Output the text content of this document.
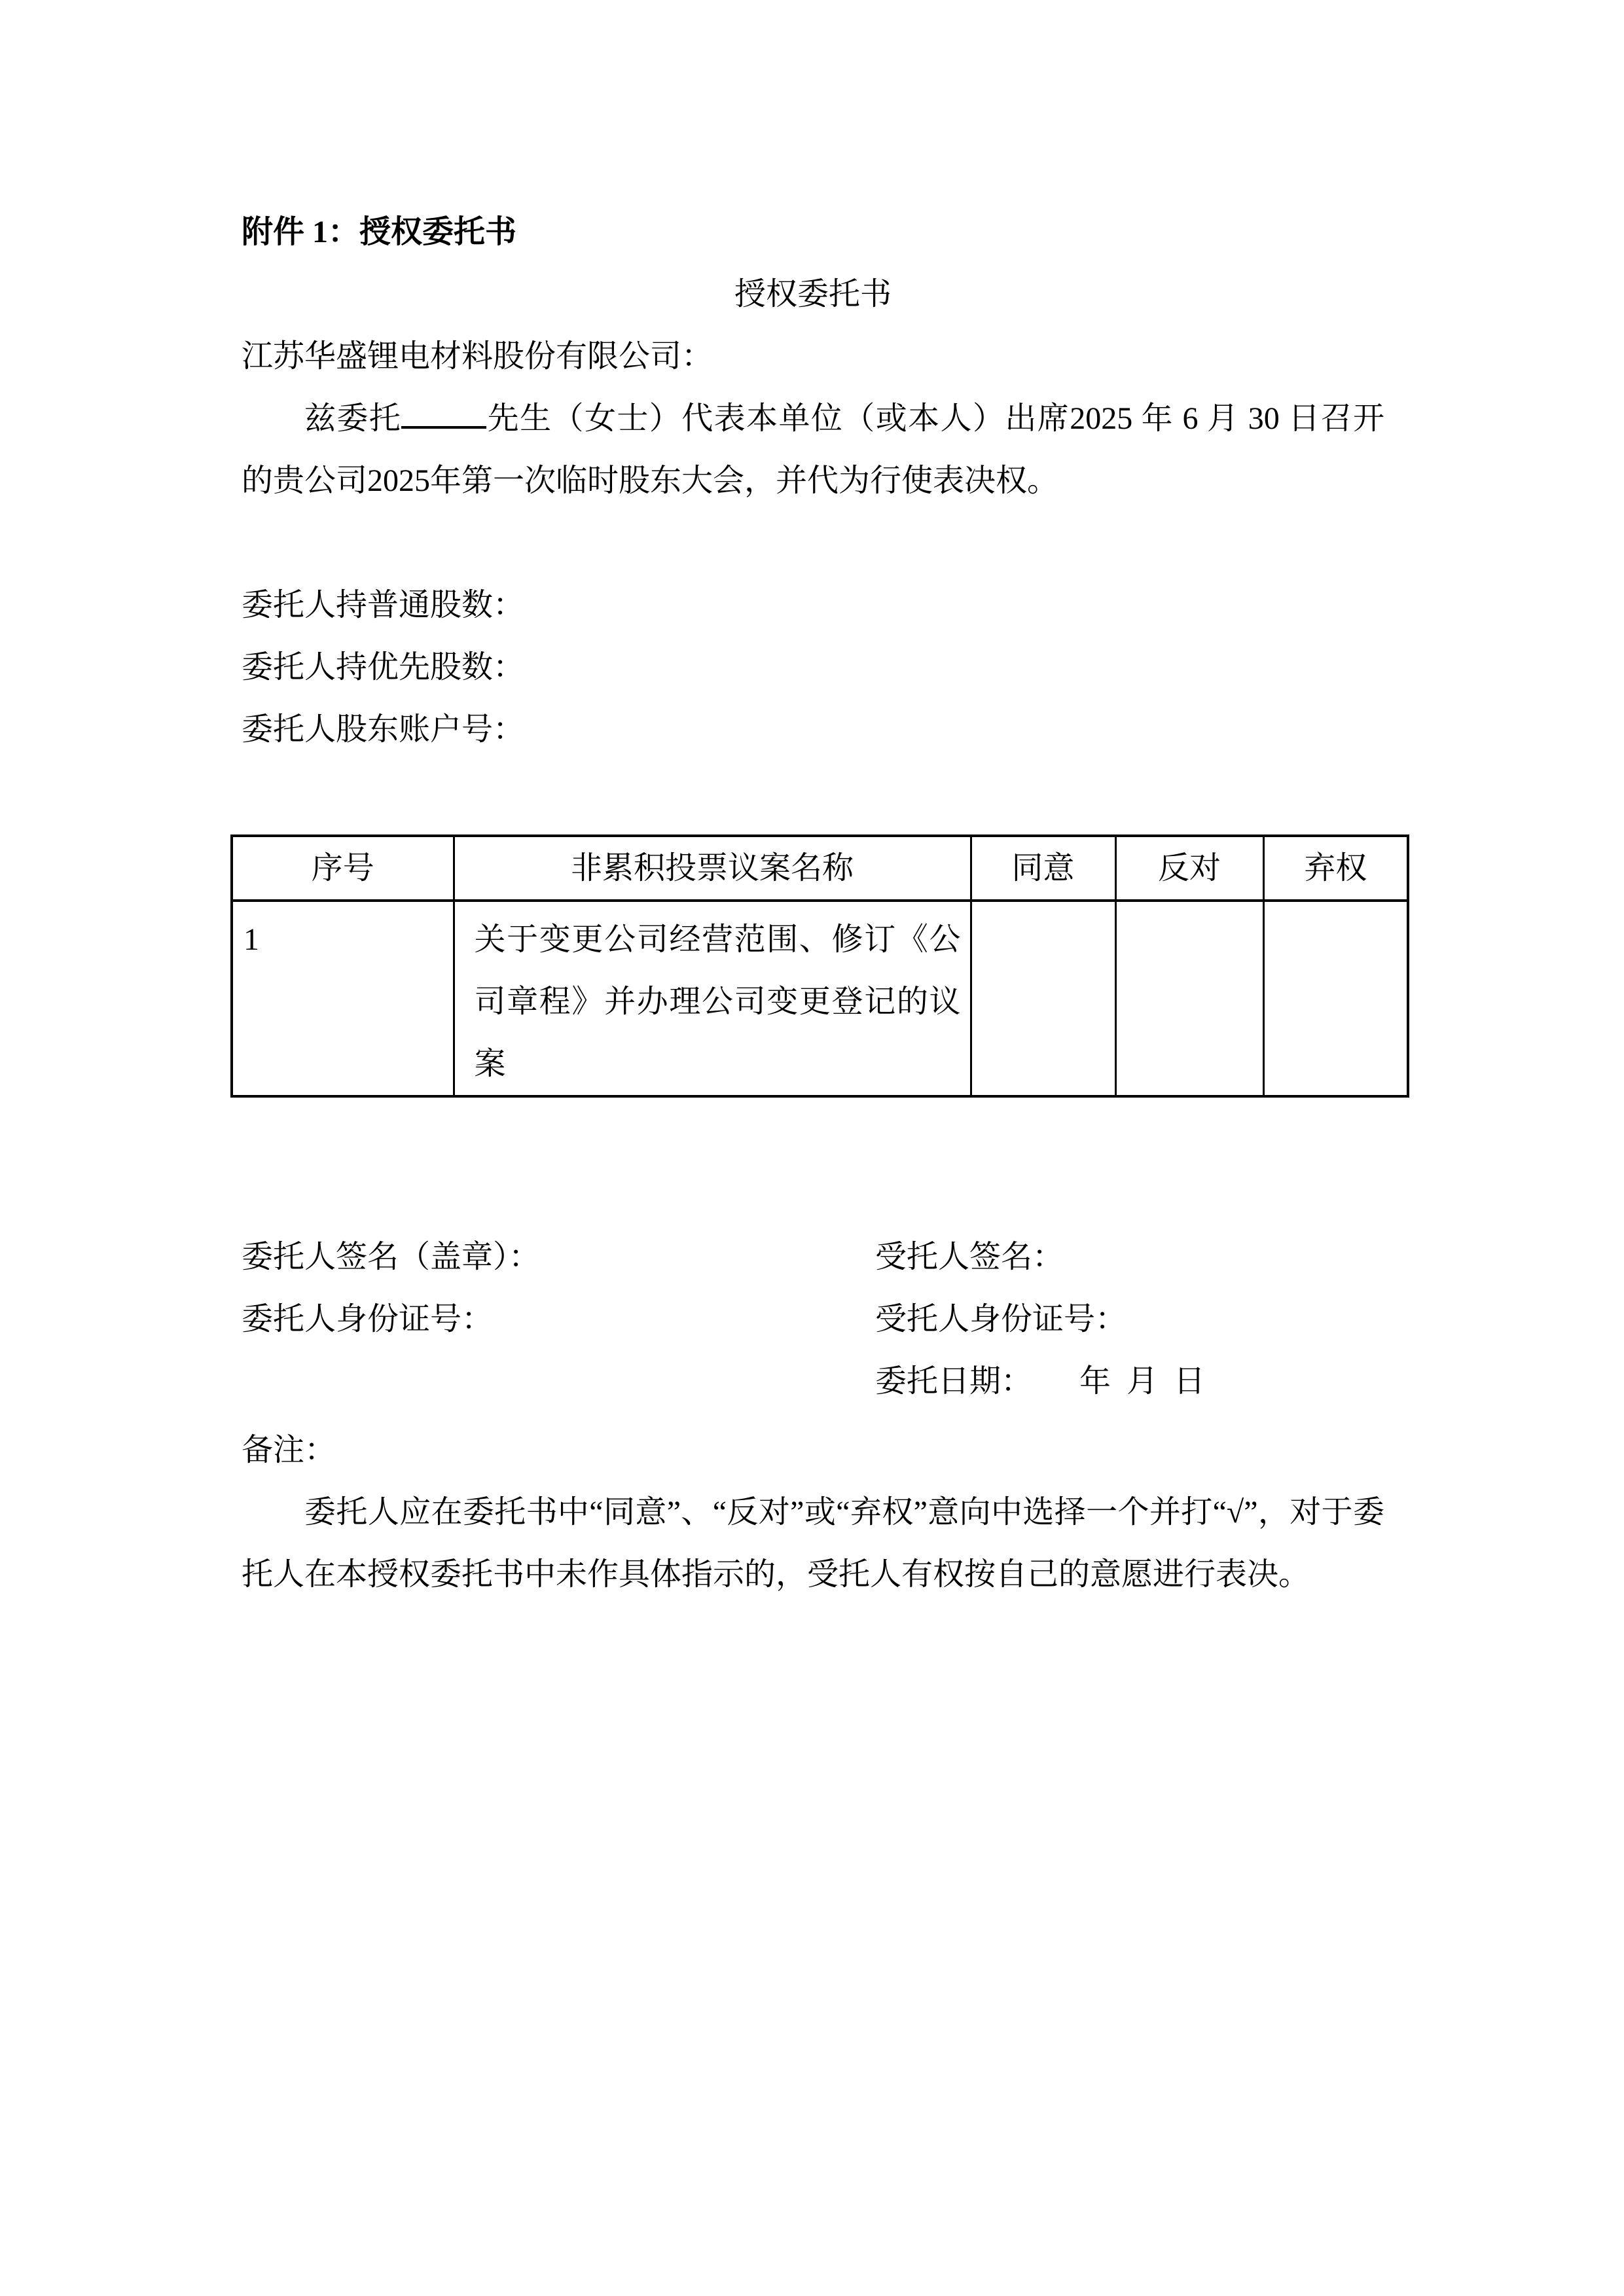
附件 1：授权委托书
授权委托书
江苏华盛锂电材料股份有限公司：
兹委托	先生（女士）代表本单位（或本人）出席2025 年 6 月 30 日召开的贵公司2025年第一次临时股东大会，并代为行使表决权。
委托人持普通股数：
委托人持优先股数：
委托人股东账户号：
序号	非累积投票议案名称	同意	反对	弃权
1	关于变更公司经营范围、修订《公司章程》并办理公司变更登记的议案			
委托人签名（盖章）：	受托人签名：
委托人身份证号：	受托人身份证号：
委托日期：      年  月  日
备注：
委托人应在委托书中“同意”、“反对”或“弃权”意向中选择一个并打“√”，对于委托人在本授权委托书中未作具体指示的，受托人有权按自己的意愿进行表决。
